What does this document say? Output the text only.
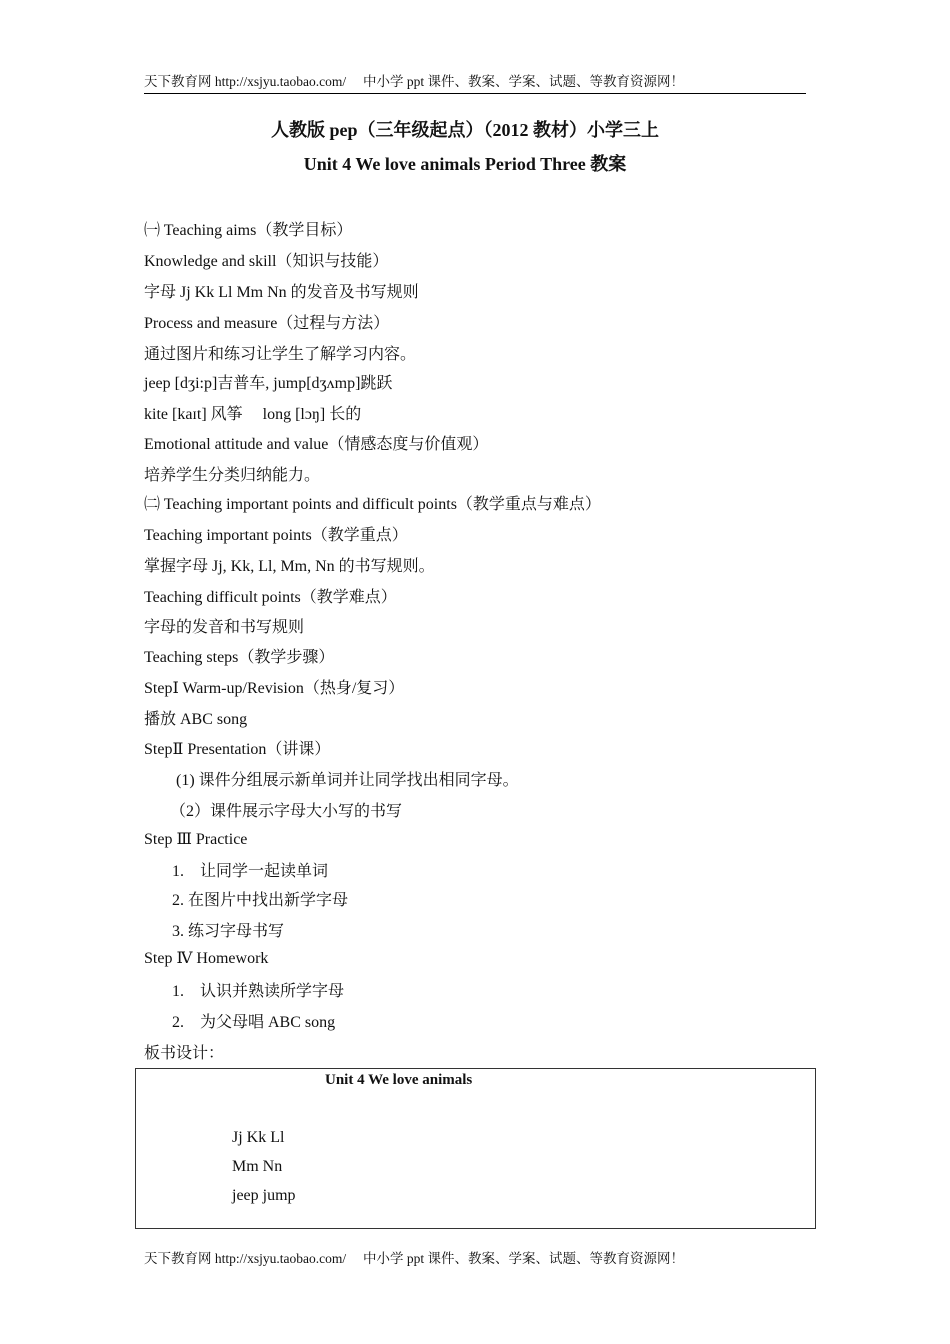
天下教育网 http://xsjyu.taobao.com/　 中小学 ppt 课件、教案、学案、试题、等教育资源网！
人教版 pep（三年级起点）（2012 教材）小学三上
Unit 4 We love animals Period Three 教案
㈠ Teaching aims（教学目标）
Knowledge and skill（知识与技能）
字母 Jj Kk Ll Mm Nn 的发音及书写规则
Process and measure（过程与方法）
通过图片和练习让学生了解学习内容。
jeep [dʒi:p]吉普车, jump[dʒʌmp]跳跃
kite [kaɪt] 风筝　 long [lɔŋ] 长的
Emotional attitude and value（情感态度与价值观）
培养学生分类归纳能力。
㈡ Teaching important points and difficult points（教学重点与难点）
Teaching important points（教学重点）
掌握字母 Jj, Kk, Ll, Mm, Nn 的书写规则。
Teaching difficult points（教学难点）
字母的发音和书写规则
Teaching steps（教学步骤）
StepⅠ Warm-up/Revision（热身/复习）
播放 ABC song
StepⅡ Presentation（讲课）
(1) 课件分组展示新单词并让同学找出相同字母。
（2）课件展示字母大小写的书写
Step Ⅲ Practice
1.　让同学一起读单词
2. 在图片中找出新学字母
3. 练习字母书写
Step Ⅳ Homework
1.　认识并熟读所学字母
2.　为父母唱 ABC song
板书设计：
Unit 4 We love animals
Jj Kk Ll
Mm Nn
jeep jump
天下教育网 http://xsjyu.taobao.com/　 中小学 ppt 课件、教案、学案、试题、等教育资源网！
